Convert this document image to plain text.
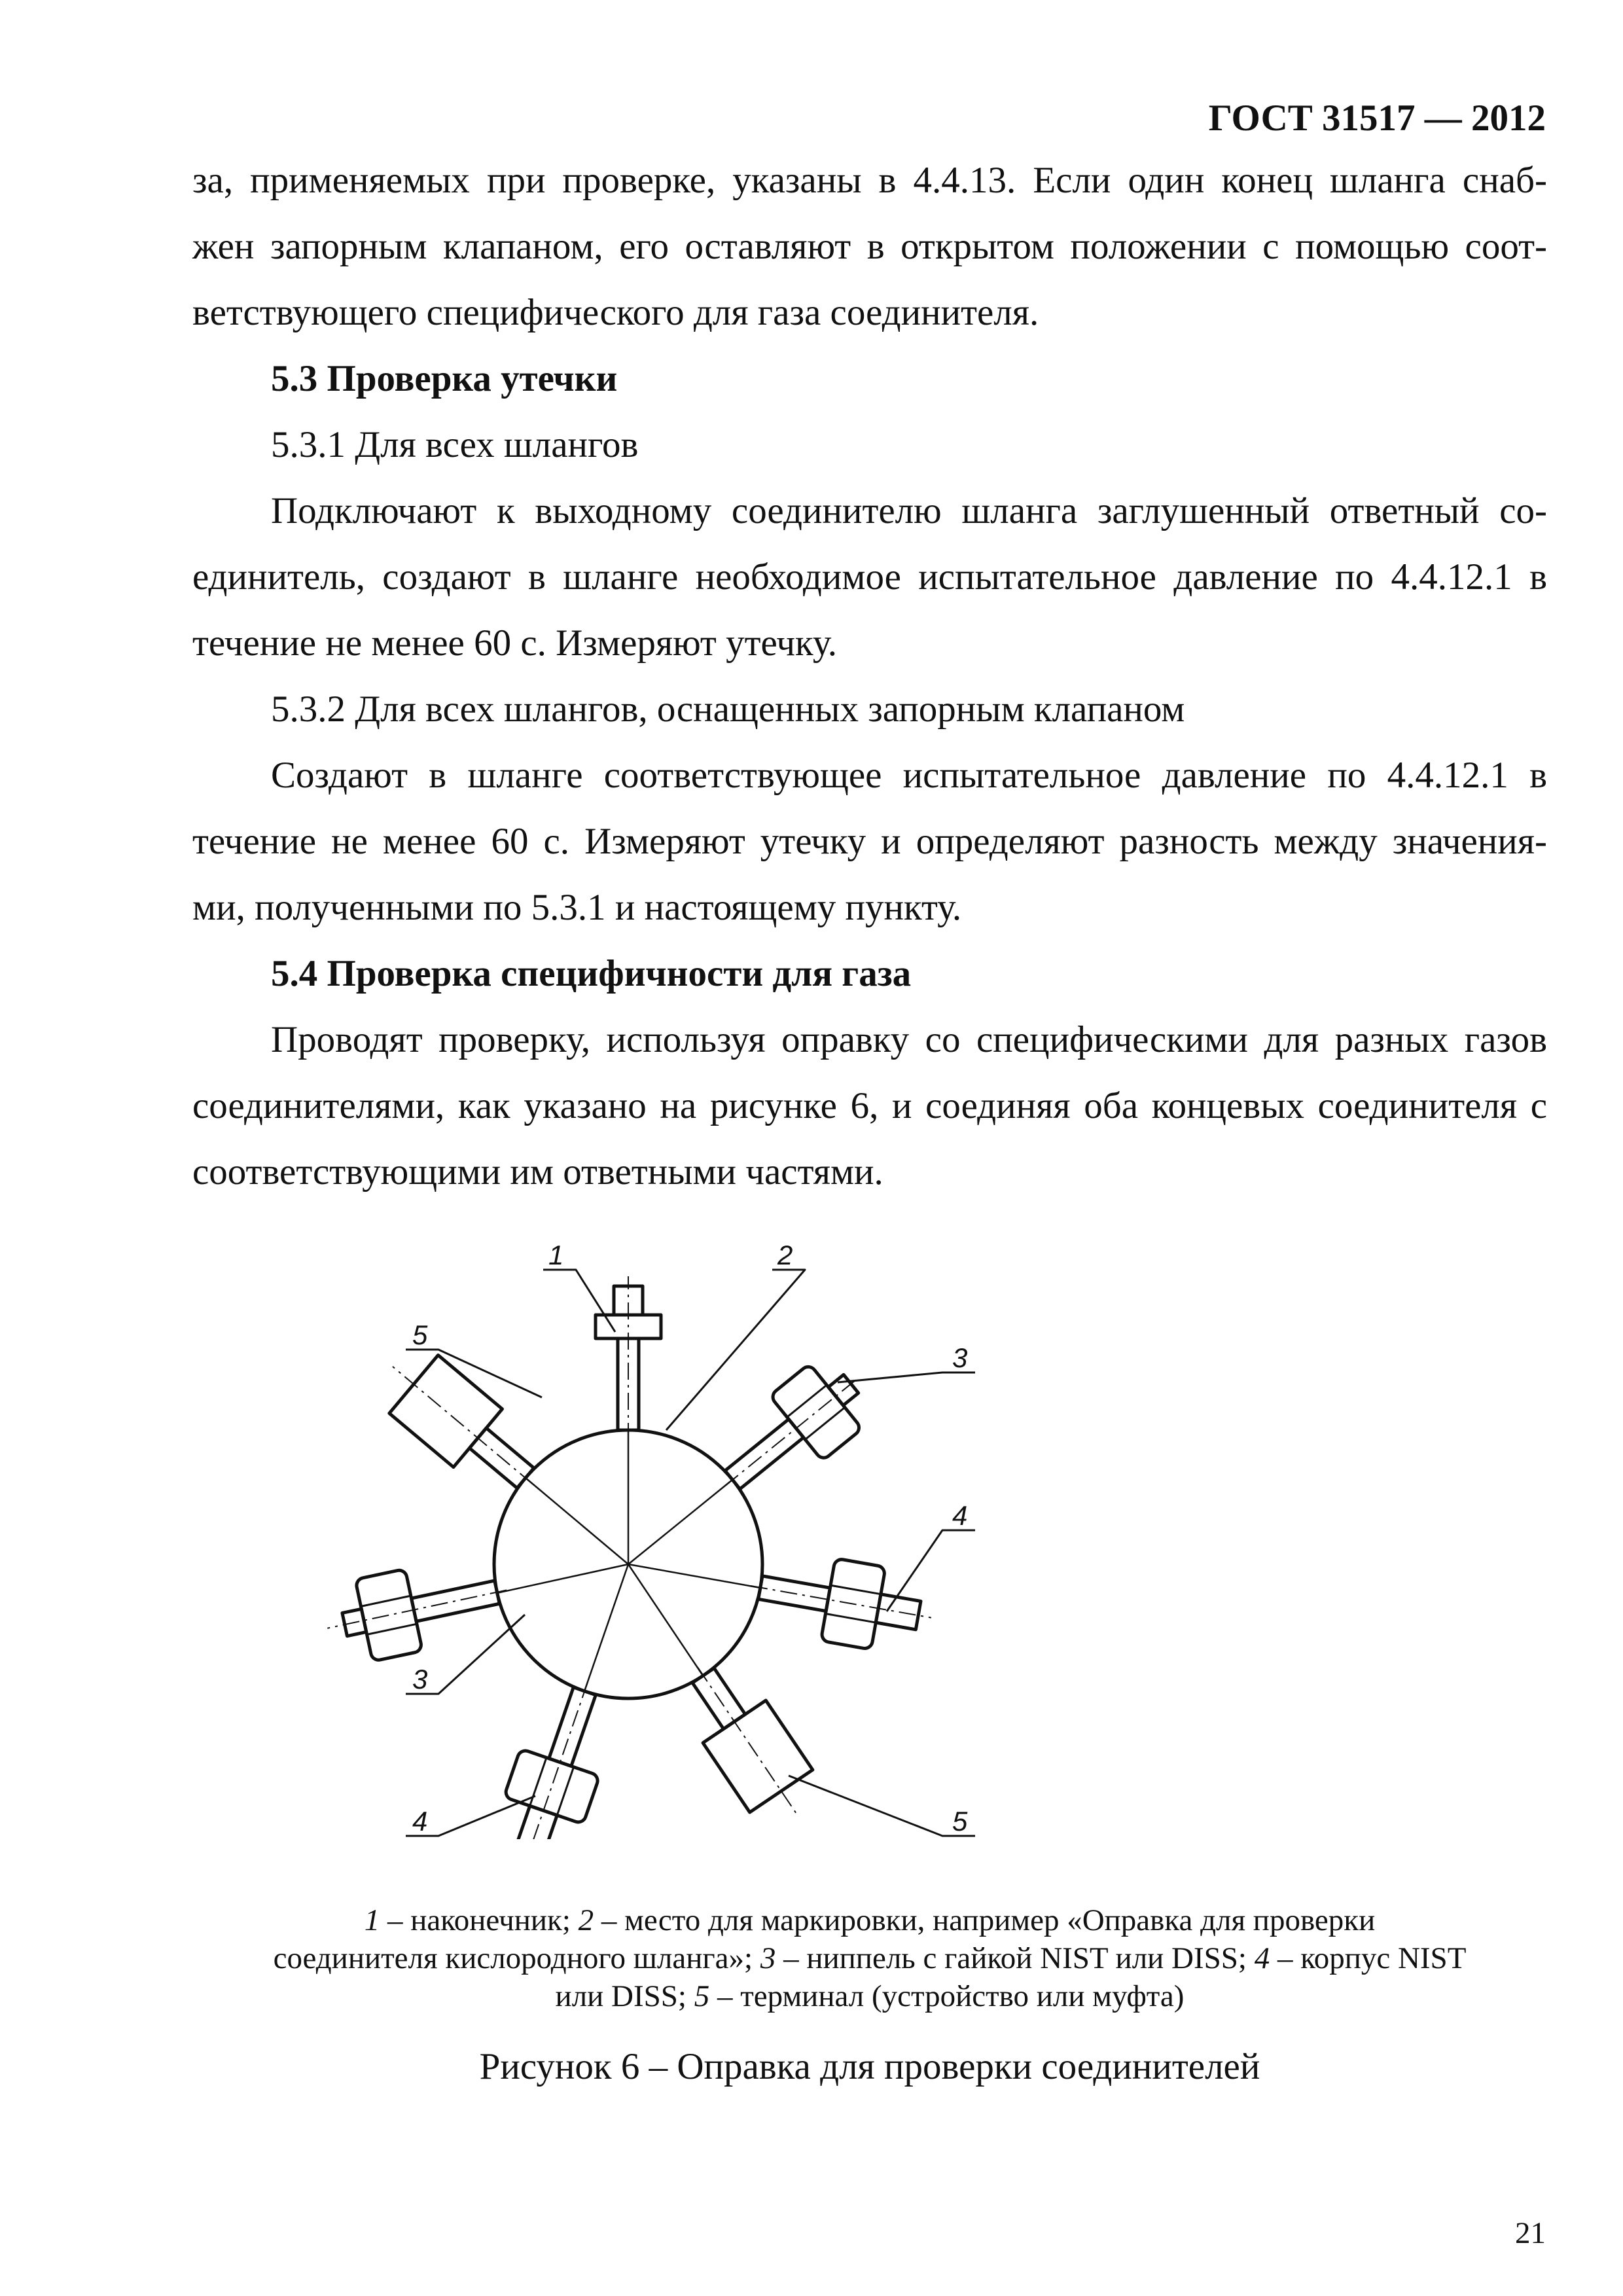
ГОСТ 31517 — 2012
за, применяемых при проверке, указаны в 4.4.13. Если один конец шланга снаб-
жен запорным клапаном, его оставляют в открытом положении с помощью соот-
ветствующего специфического для газа соединителя.
5.3 Проверка утечки
5.3.1 Для всех шлангов
Подключают к выходному соединителю шланга заглушенный ответный со-
единитель, создают в шланге необходимое испытательное давление по 4.4.12.1 в
течение не менее 60 с. Измеряют утечку.
5.3.2 Для всех шлангов, оснащенных запорным клапаном
Создают в шланге соответствующее испытательное давление по 4.4.12.1 в
течение не менее 60 с. Измеряют утечку и определяют разность между значения-
ми, полученными по 5.3.1 и настоящему пункту.
5.4 Проверка специфичности для газа
Проводят проверку, используя оправку со специфическими для разных газов
соединителями, как указано на рисунке 6, и соединяя оба концевых соединителя с
соответствующими им ответными частями.
1	2
3
4
5
5
3
4
1 – наконечник; 2 – место для маркировки, например «Оправка для проверки
соединителя кислородного шланга»; 3 – ниппель с гайкой NIST или DISS; 4 – корпус NIST
или DISS; 5 – терминал (устройство или муфта)
Рисунок 6 – Оправка для проверки соединителей
21
